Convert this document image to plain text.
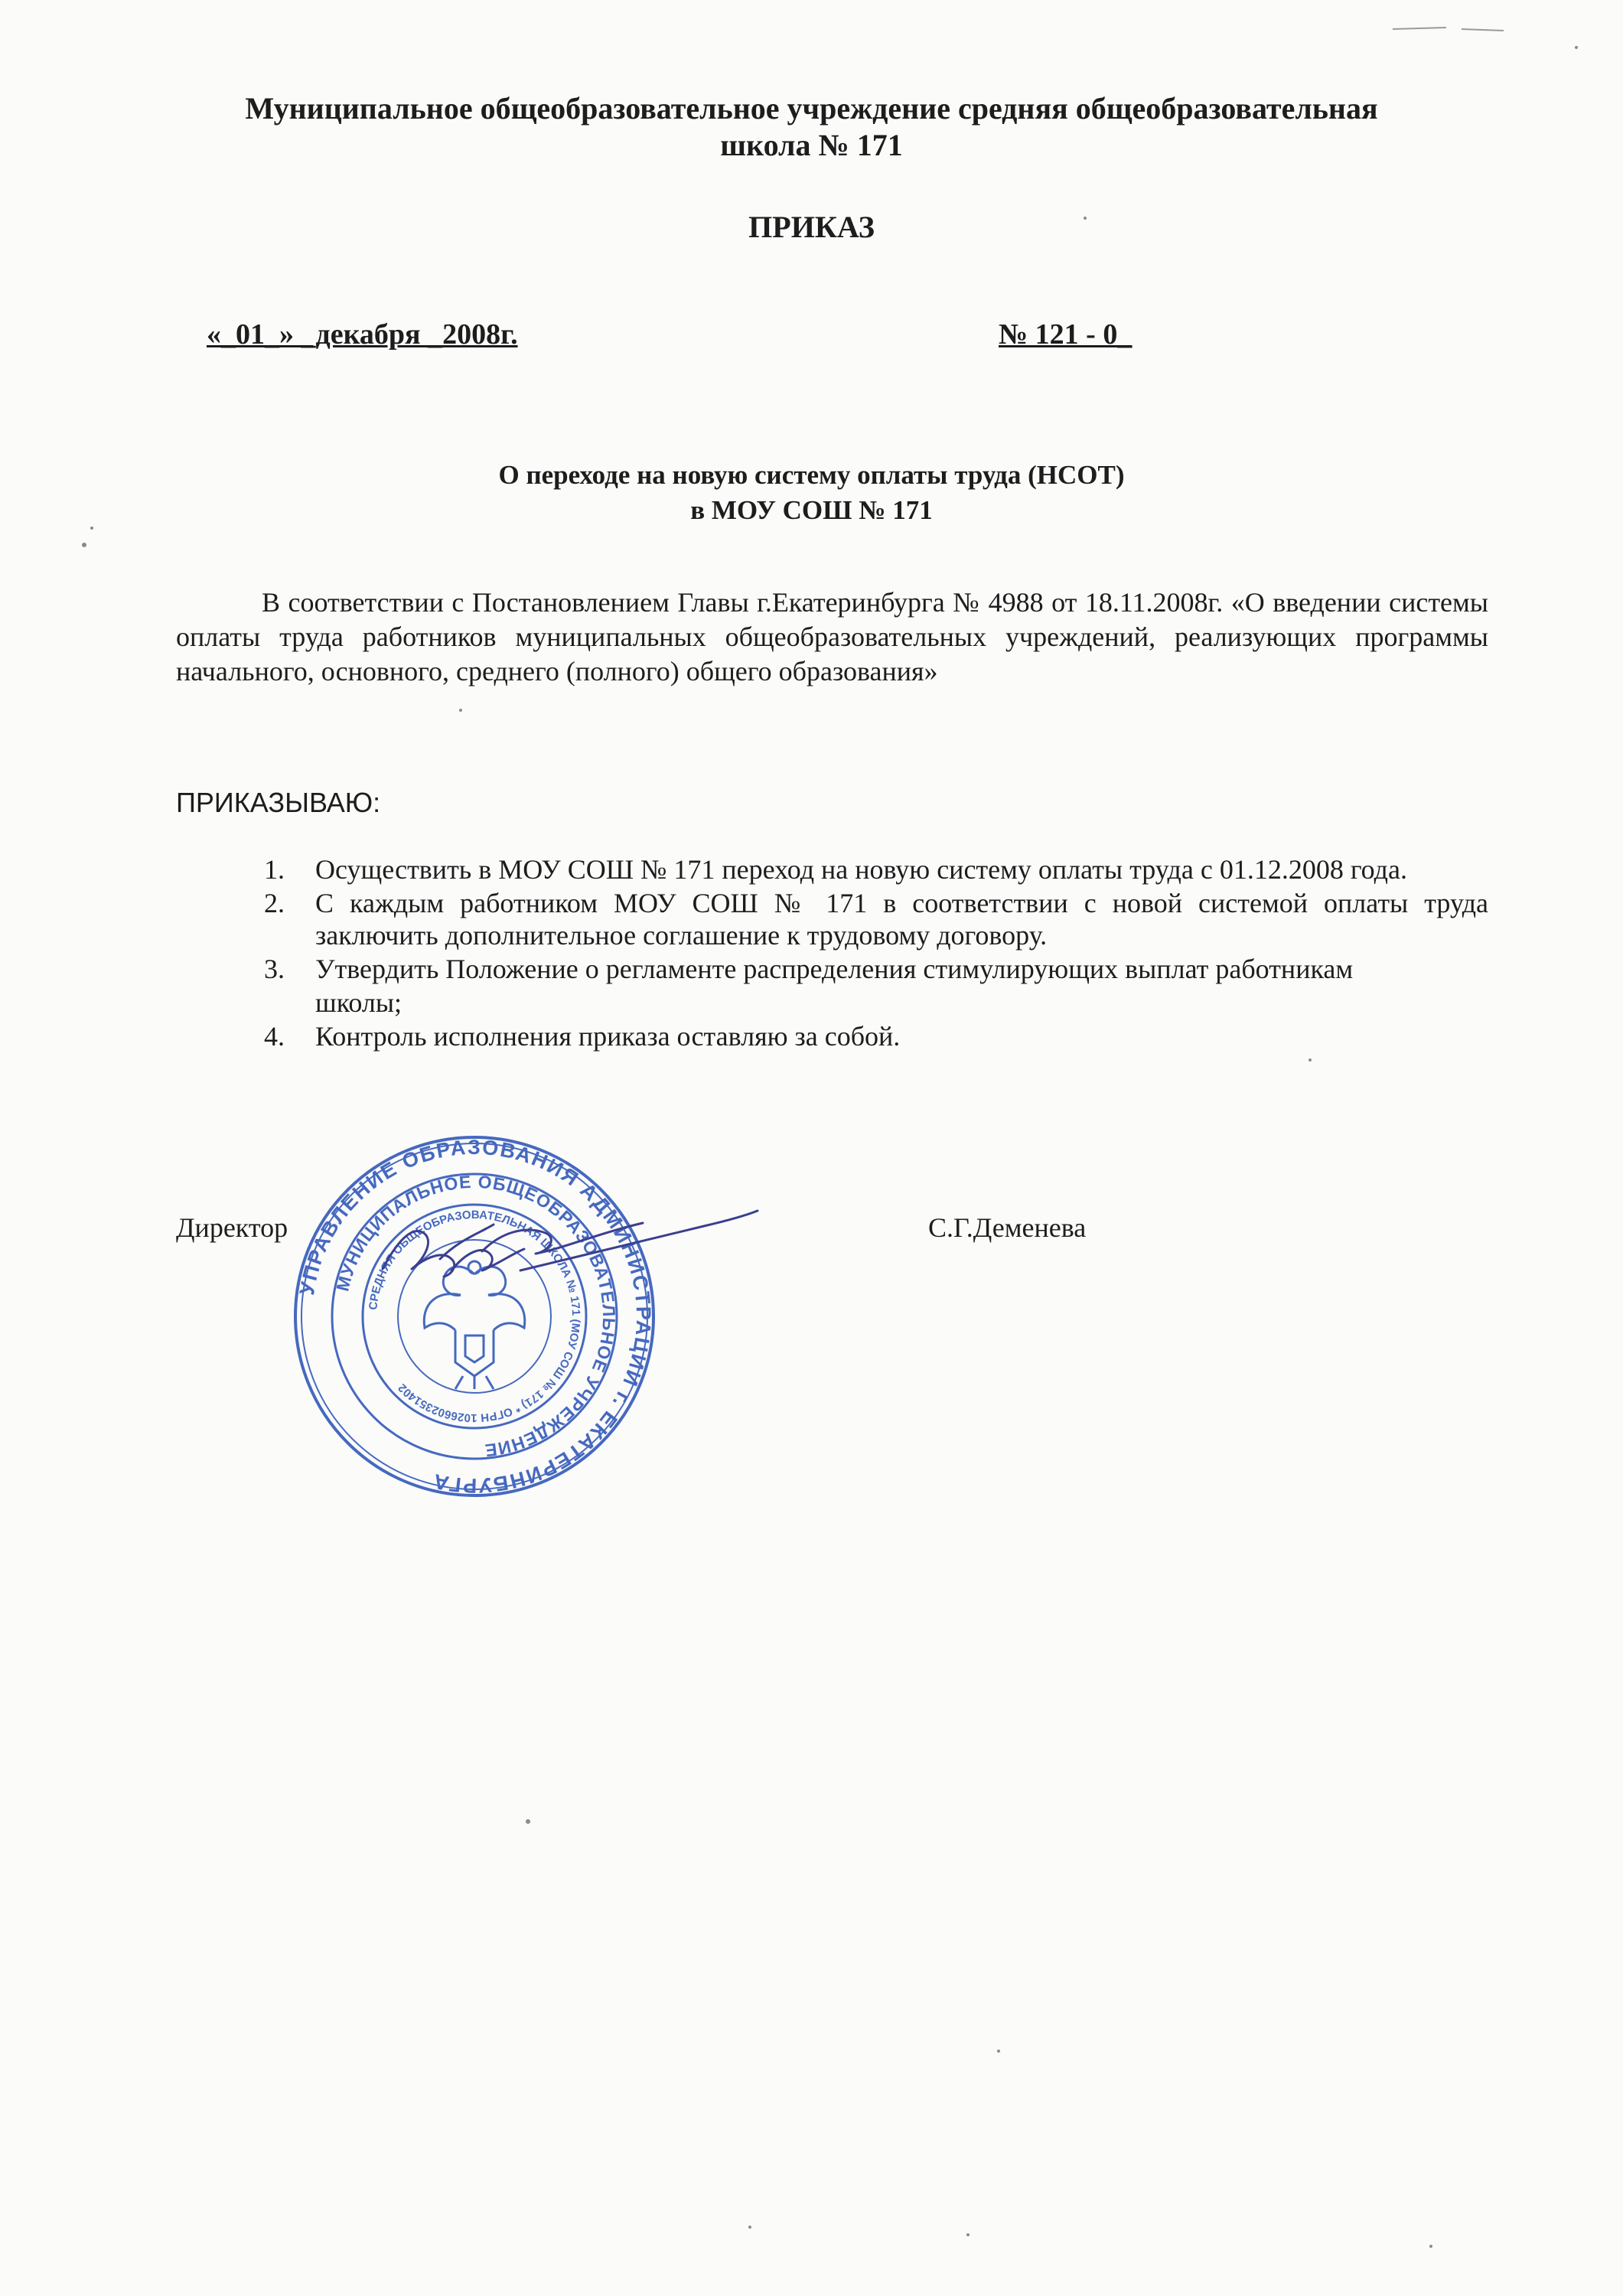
Муниципальное общеобразовательное учреждение средняя общеобразовательная
школа № 171
ПРИКАЗ
«_01_» _декабря _2008г.	№ 121 - 0_
О переходе на новую систему оплаты труда (НСОТ)
в МОУ СОШ № 171
В соответствии с Постановлением Главы г.Екатеринбурга № 4988 от 18.11.2008г. «О введении системы оплаты труда работников муниципальных общеобразовательных учреждений, реализующих программы начального, основного, среднего (полного) общего образования»
ПРИКАЗЫВАЮ:
1.	Осуществить в МОУ СОШ № 171 переход на новую систему оплаты труда с 01.12.2008 года.
2.	С каждым работником МОУ СОШ № 171 в соответствии с новой системой оплаты труда заключить дополнительное соглашение к трудовому договору.
3.	Утвердить Положение о регламенте распределения стимулирующих выплат работникам
школы;
4.	Контроль исполнения приказа оставляю за собой.
Директор	С.Г.Деменева
УПРАВЛЕНИЕ ОБРАЗОВАНИЯ АДМИНИСТРАЦИИ г. ЕКАТЕРИНБУРГА
МУНИЦИПАЛЬНОЕ ОБЩЕОБРАЗОВАТЕЛЬНОЕ УЧРЕЖДЕНИЕ
СРЕДНЯЯ ОБЩЕОБРАЗОВАТЕЛЬНАЯ ШКОЛА № 171 (МОУ СОШ № 171) * ОГРН 1026602351402
